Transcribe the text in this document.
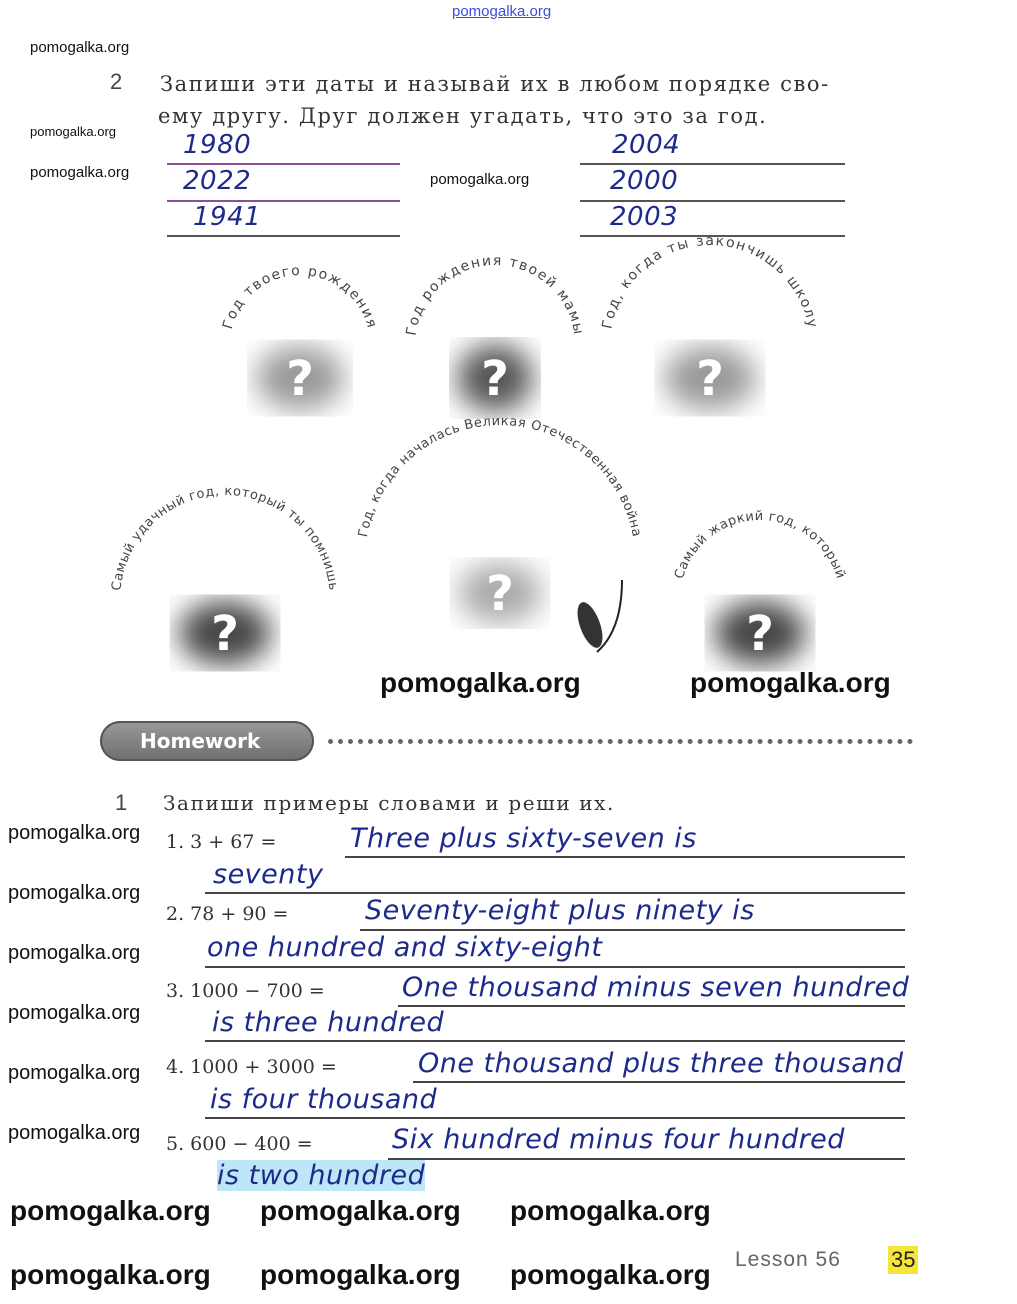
pomogalka.org
2 Запиши эти даты и называй их в любом порядке сво-
ему другу. Друг должен угадать, что это за год.
1980
2022
1941
2004
2000
2003
?
Год рождения твоей мамы
?
Год твоего рождения
?
Год, когда ты закончишь школу
?
Год, когда началась Великая Отечественная война
?
Самый удачный год, который ты помнишь
?
Самый жаркий год, который
Homework
1 Запиши примеры словами и реши их.
1. 3 + 67 =	Three plus sixty-seven is
seventy
2. 78 + 90 =	Seventy-eight plus ninety is
one hundred and sixty-eight
3. 1000 − 700 =	One thousand minus seven hundred
is three hundred
4. 1000 + 3000 =	One thousand plus three thousand
is four thousand
5. 600 − 400 =	Six hundred minus four hundred
is two hundred
Lesson 56 35
pomogalka.org
pomogalka.org
pomogalka.org
pomogalka.org
pomogalka.org	pomogalka.org
pomogalka.org pomogalka.org
pomogalka.org
pomogalka.org
pomogalka.org
pomogalka.org
pomogalka.org
pomogalka.org
pomogalka.org
pomogalka.org
pomogalka.org
pomogalka.org
